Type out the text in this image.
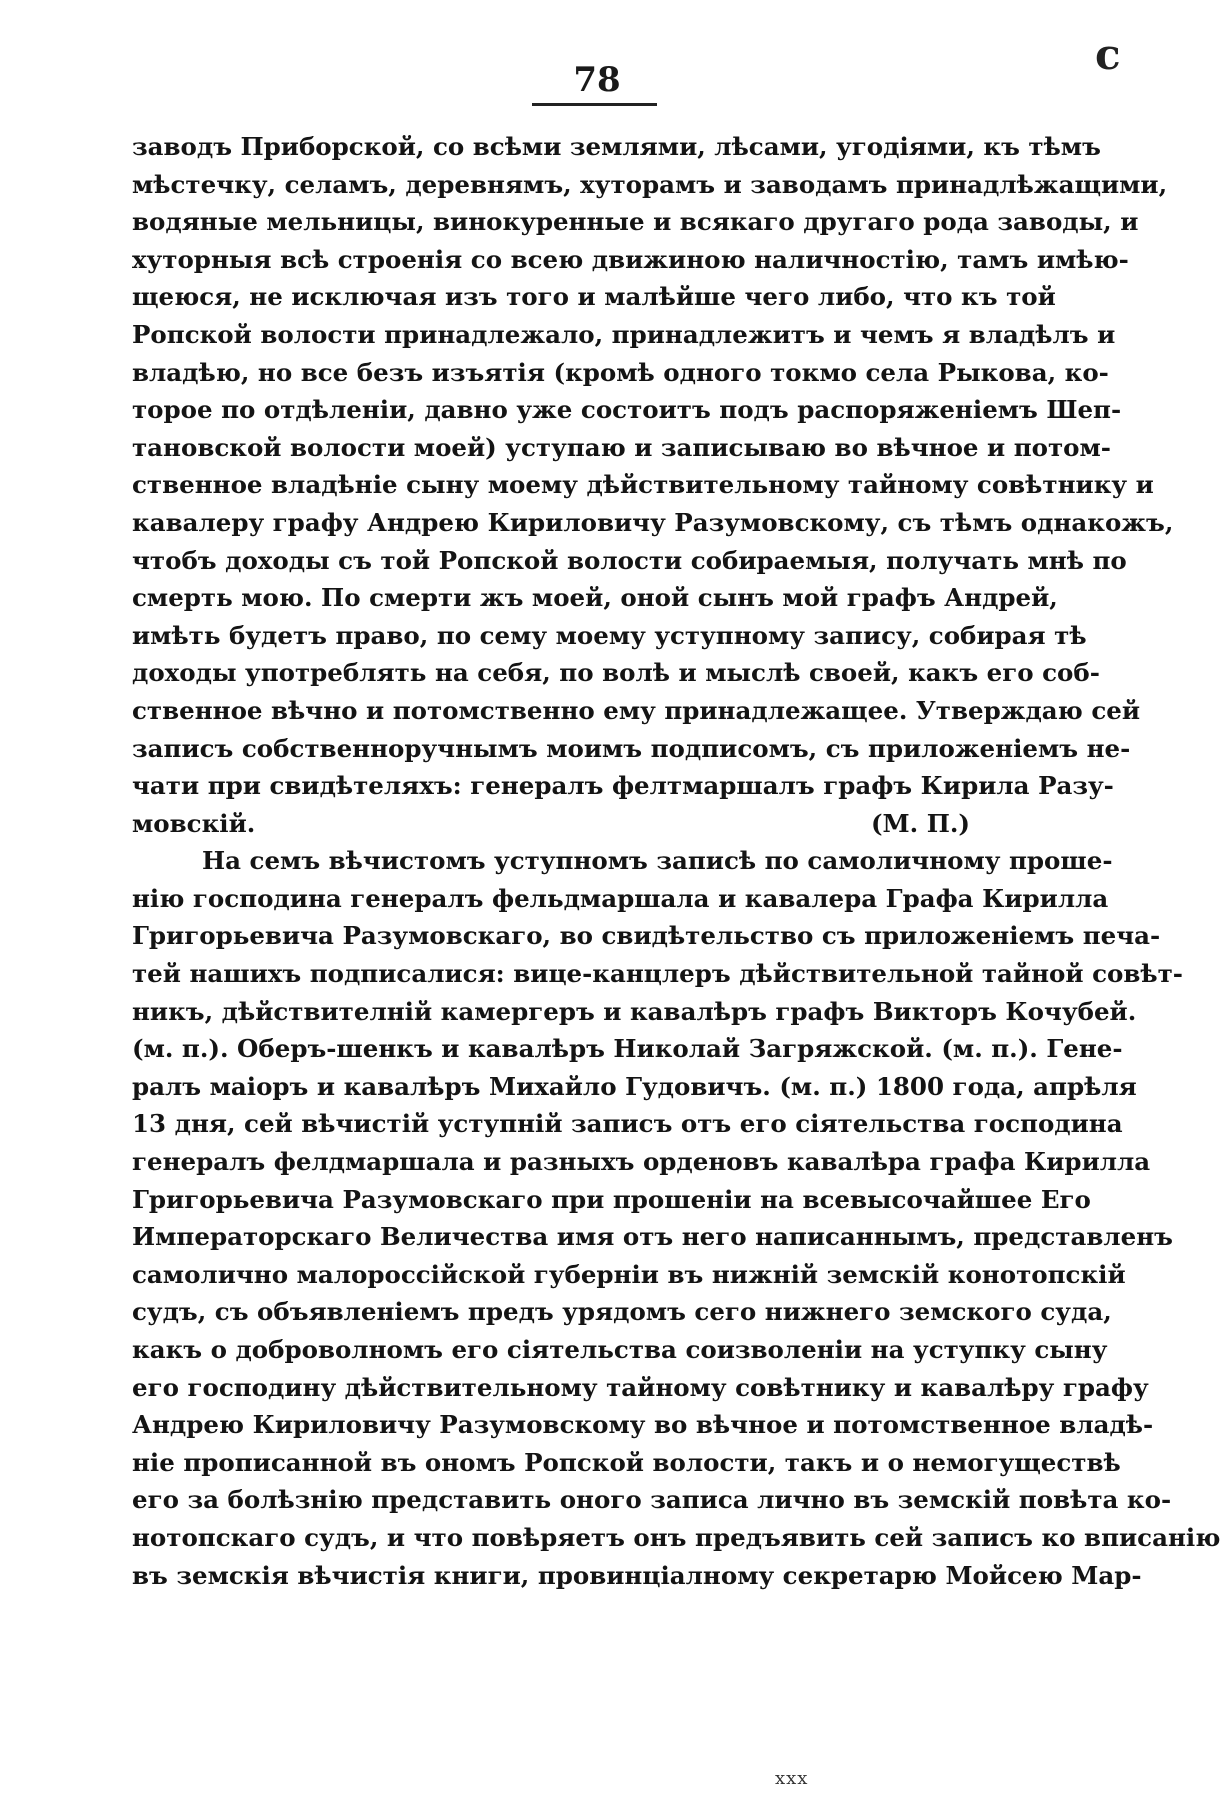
с
78
заводъ Приборской, со всѣми землями, лѣсами, угодіями, къ тѣмъ
мѣстечку, селамъ, деревнямъ, хуторамъ и заводамъ принадлѣжащими,
водяные мельницы, винокуренные и всякаго другаго рода заводы, и
хуторныя всѣ строенія со всею движиною наличностію, тамъ имѣю-
щеюся, не исключая изъ того и малѣйше чего либо, что къ той
Ропской волости принадлежало, принадлежитъ и чемъ я владѣлъ и
владѣю, но все безъ изъятія (кромѣ одного токмо села Рыкова, ко-
торое по отдѣленіи, давно уже состоитъ подъ распоряженіемъ Шеп-
тановской волости моей) уступаю и записываю во вѣчное и потом-
ственное владѣніе сыну моему дѣйствительному тайному совѣтнику и
кавалеру графу Андрею Кириловичу Разумовскому, съ тѣмъ однакожъ,
чтобъ доходы съ той Ропской волости собираемыя, получать мнѣ по
смерть мою. По смерти жъ моей, оной сынъ мой графъ Андрей,
имѣть будетъ право, по сему моему уступному запису, собирая тѣ
доходы употреблять на себя, по волѣ и мыслѣ своей, какъ его соб-
ственное вѣчно и потомственно ему принадлежащее. Утверждаю сей
записъ собственноручнымъ моимъ подписомъ, съ приложеніемъ не-
чати при свидѣтеляхъ: генералъ фелтмаршалъ графъ Кирила Разу-
мовскій.	(М. П.)
На семъ вѣчистомъ уступномъ записѣ по самоличному проше-
нію господина генералъ фельдмаршала и кавалера Графа Кирилла
Григорьевича Разумовскаго, во свидѣтельство съ приложеніемъ печа-
тей нашихъ подписалися: вице-канцлеръ дѣйствительной тайной совѣт-
никъ, дѣйствителній камергеръ и кавалѣръ графъ Викторъ Кочубей.
(м. п.). Оберъ-шенкъ и кавалѣръ Николай Загряжской. (м. п.). Гене-
ралъ маіоръ и кавалѣръ Михайло Гудовичъ. (м. п.) 1800 года, апрѣля
13 дня, сей вѣчистій уступній записъ отъ его сіятельства господина
генералъ фелдмаршала и разныхъ орденовъ кавалѣра графа Кирилла
Григорьевича Разумовскаго при прошеніи на всевысочайшее Его
Императорскаго Величества имя отъ него написаннымъ, представленъ
самолично малороссійской губерніи въ нижній земскій конотопскій
судъ, съ объявленіемъ предъ урядомъ сего нижнего земского суда,
какъ о доброволномъ его сіятельства соизволеніи на уступку сыну
его господину дѣйствительному тайному совѣтнику и кавалѣру графу
Андрею Кириловичу Разумовскому во вѣчное и потомственное владѣ-
ніе прописанной въ ономъ Ропской волости, такъ и о немогуществѣ
его за болѣзнію представить оного записа лично въ земскій повѣта ко-
нотопскаго судъ, и что повѣряетъ онъ предъявить сей записъ ко вписанію
въ земскія вѣчистія книги, провинціалному секретарю Мойсею Мар-
ххх
